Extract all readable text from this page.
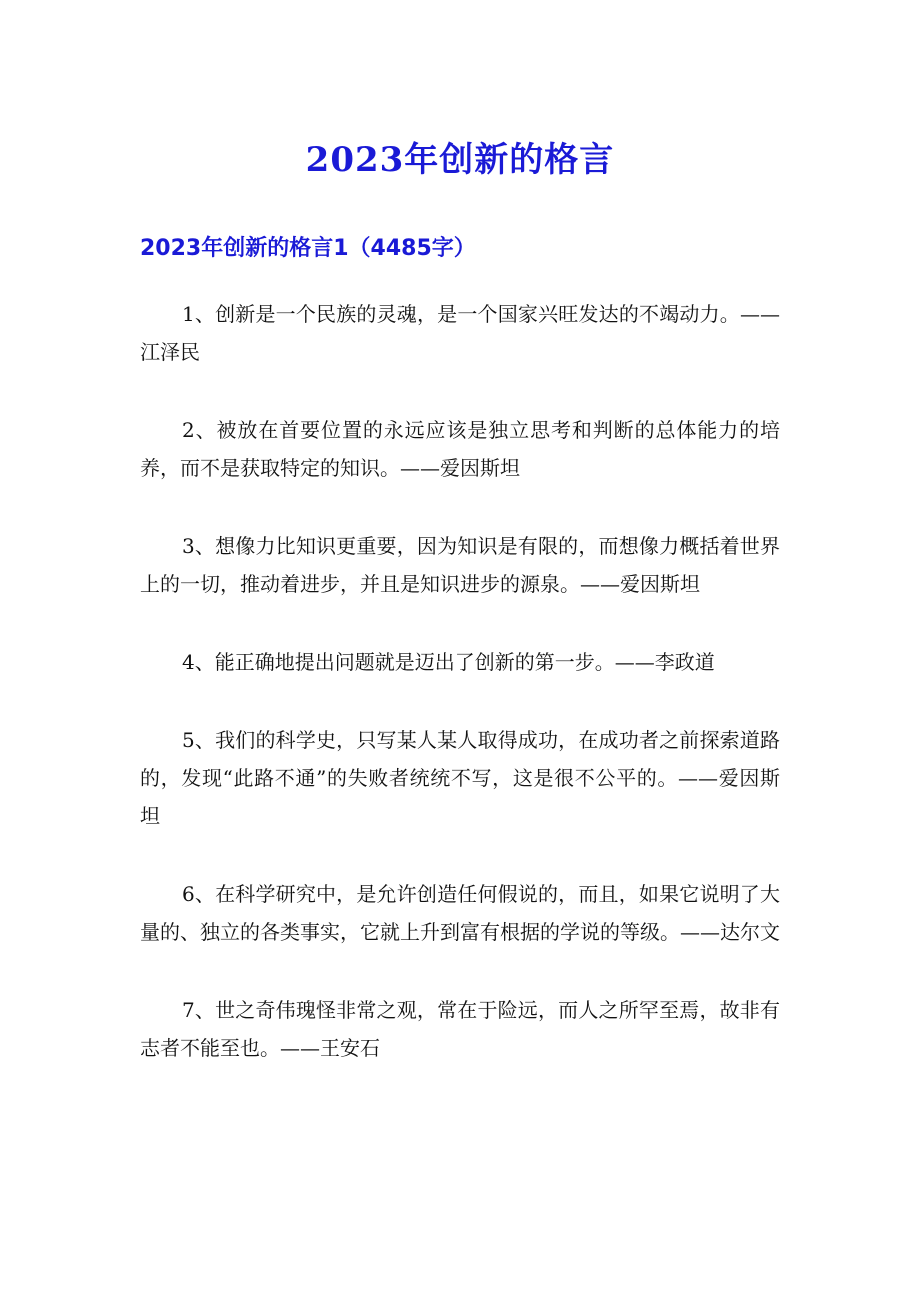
2023年创新的格言
2023年创新的格言1（4485字）
1、创新是一个民族的灵魂，是一个国家兴旺发达的不竭动力。——江泽民
2、被放在首要位置的永远应该是独立思考和判断的总体能力的培养，而不是获取特定的知识。——爱因斯坦
3、想像力比知识更重要，因为知识是有限的，而想像力概括着世界上的一切，推动着进步，并且是知识进步的源泉。——爱因斯坦
4、能正确地提出问题就是迈出了创新的第一步。——李政道
5、我们的科学史，只写某人某人取得成功，在成功者之前探索道路的，发现“此路不通”的失败者统统不写，这是很不公平的。——爱因斯坦
6、在科学研究中，是允许创造任何假说的，而且，如果它说明了大量的、独立的各类事实，它就上升到富有根据的学说的等级。——达尔文
7、世之奇伟瑰怪非常之观，常在于险远，而人之所罕至焉，故非有志者不能至也。——王安石
